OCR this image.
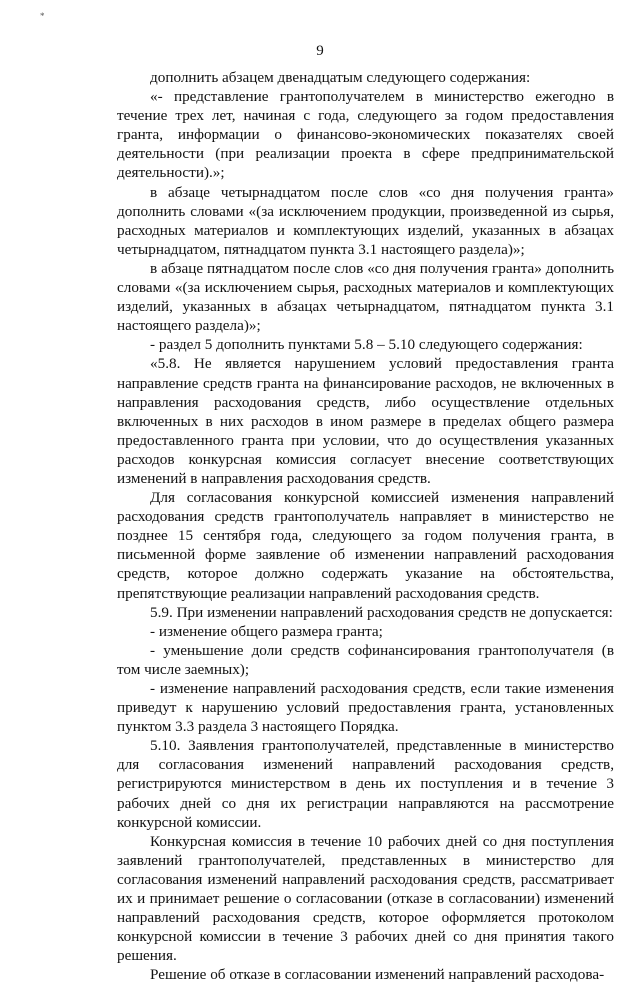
*
9

дополнить абзацем двенадцатым следующего содержания:

«- представление грантополучателем в министерство ежегодно в течение трех лет, начиная с года, следующего за годом предоставления гранта, информации о финансово-экономических показателях своей деятельности (при реализации проекта в сфере предпринимательской деятельности).»;

в абзаце четырнадцатом после слов «со дня получения гранта» дополнить словами «(за исключением продукции, произведенной из сырья, расходных материалов и комплектующих изделий, указанных в абзацах четырнадцатом, пятнадцатом пункта 3.1 настоящего раздела)»;

в абзаце пятнадцатом после слов «со дня получения гранта» дополнить словами «(за исключением сырья, расходных материалов и комплектующих изделий, указанных в абзацах четырнадцатом, пятнадцатом пункта 3.1 настоящего раздела)»;

- раздел 5 дополнить пунктами 5.8 – 5.10 следующего содержания:

«5.8. Не является нарушением условий предоставления гранта направление средств гранта на финансирование расходов, не включенных в направления расходования средств, либо осуществление отдельных включенных в них расходов в ином размере в пределах общего размера предоставленного гранта при условии, что до осуществления указанных расходов конкурсная комиссия согласует внесение соответствующих изменений в направления расходования средств.

Для согласования конкурсной комиссией изменения направлений расходования средств грантополучатель направляет в министерство не позднее 15 сентября года, следующего за годом получения гранта, в письменной форме заявление об изменении направлений расходования средств, которое должно содержать указание на обстоятельства, препятствующие реализации направлений расходования средств.

5.9. При изменении направлений расходования средств не допускается:

- изменение общего размера гранта;

- уменьшение доли средств софинансирования грантополучателя (в том числе заемных);

- изменение направлений расходования средств, если такие изменения приведут к нарушению условий предоставления гранта, установленных пунктом 3.3 раздела 3 настоящего Порядка.

5.10. Заявления грантополучателей, представленные в министерство для согласования изменений направлений расходования средств, регистрируются министерством в день их поступления и в течение 3 рабочих дней со дня их регистрации направляются на рассмотрение конкурсной комиссии.

Конкурсная комиссия в течение 10 рабочих дней со дня поступления заявлений грантополучателей, представленных в министерство для согласования изменений направлений расходования средств, рассматривает их и принимает решение о согласовании (отказе в согласовании) изменений направлений расходования средств, которое оформляется протоколом конкурсной комиссии в течение 3 рабочих дней со дня принятия такого решения.

Решение об отказе в согласовании изменений направлений расходова-
